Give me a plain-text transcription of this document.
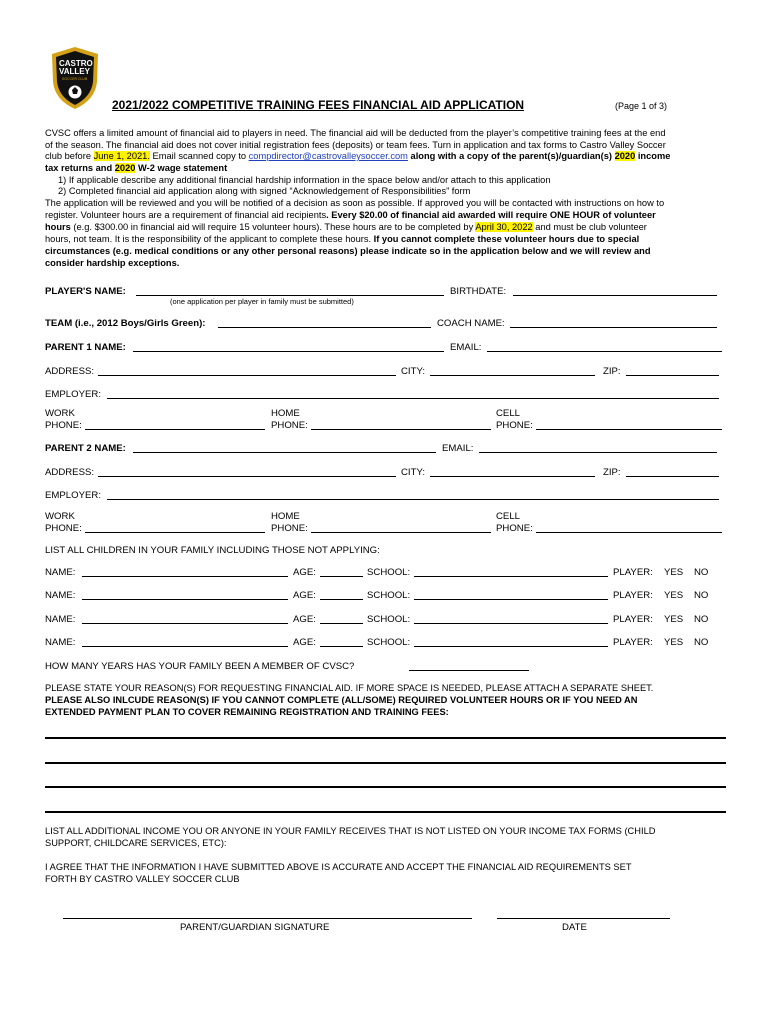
CASTRO
VALLEY
SOCCER CLUB
2021/2022 COMPETITIVE TRAINING FEES FINANCIAL AID APPLICATION	(Page 1 of 3)
CVSC offers a limited amount of financial aid to players in need. The financial aid will be deducted from the player’s competitive training fees at the end
of the season. The financial aid does not cover initial registration fees (deposits) or team fees. Turn in application and tax forms to Castro Valley Soccer
club before June 1, 2021. Email scanned copy to compdirector@castrovalleysoccer.com along with a copy of the parent(s)/guardian(s) 2020 income
tax returns and 2020 W-2 wage statement
1) If applicable describe any additional financial hardship information in the space below and/or attach to this application
2) Completed financial aid application along with signed “Acknowledgement of Responsibilities” form
The application will be reviewed and you will be notified of a decision as soon as possible. If approved you will be contacted with instructions on how to
register. Volunteer hours are a requirement of financial aid recipients. Every $20.00 of financial aid awarded will require ONE HOUR of volunteer
hours (e.g. $300.00 in financial aid will require 15 volunteer hours). These hours are to be completed by April 30, 2022 and must be club volunteer
hours, not team. It is the responsibility of the applicant to complete these hours. If you cannot complete these volunteer hours due to special
circumstances (e.g. medical conditions or any other personal reasons) please indicate so in the application below and we will review and
consider hardship exceptions.
PLAYER'S NAME:	BIRTHDATE:
(one application per player in family must be submitted)
TEAM (i.e., 2012 Boys/Girls Green):	COACH NAME:
PARENT 1 NAME:	EMAIL:
ADDRESS:	CITY:	ZIP:
EMPLOYER:
WORK
PHONE:
HOME
PHONE:
CELL
PHONE:
PARENT 2 NAME:	EMAIL:
ADDRESS:	CITY:	ZIP:
EMPLOYER:
WORK
PHONE:
HOME
PHONE:
CELL
PHONE:
LIST ALL CHILDREN IN YOUR FAMILY INCLUDING THOSE NOT APPLYING:
NAME:	AGE:	SCHOOL:	PLAYER: YES NO
NAME:	AGE:	SCHOOL:	PLAYER: YES NO
NAME:	AGE:	SCHOOL:	PLAYER: YES NO
NAME:	AGE:	SCHOOL:	PLAYER: YES NO
HOW MANY YEARS HAS YOUR FAMILY BEEN A MEMBER OF CVSC?
PLEASE STATE YOUR REASON(S) FOR REQUESTING FINANCIAL AID. IF MORE SPACE IS NEEDED, PLEASE ATTACH A SEPARATE SHEET.
PLEASE ALSO INLCUDE REASON(S) IF YOU CANNOT COMPLETE (ALL/SOME) REQUIRED VOLUNTEER HOURS OR IF YOU NEED AN
EXTENDED PAYMENT PLAN TO COVER REMAINING REGISTRATION AND TRAINING FEES:
LIST ALL ADDITIONAL INCOME YOU OR ANYONE IN YOUR FAMILY RECEIVES THAT IS NOT LISTED ON YOUR INCOME TAX FORMS (CHILD
SUPPORT, CHILDCARE SERVICES, ETC):
I AGREE THAT THE INFORMATION I HAVE SUBMITTED ABOVE IS ACCURATE AND ACCEPT THE FINANCIAL AID REQUIREMENTS SET
FORTH BY CASTRO VALLEY SOCCER CLUB
PARENT/GUARDIAN SIGNATURE	DATE
